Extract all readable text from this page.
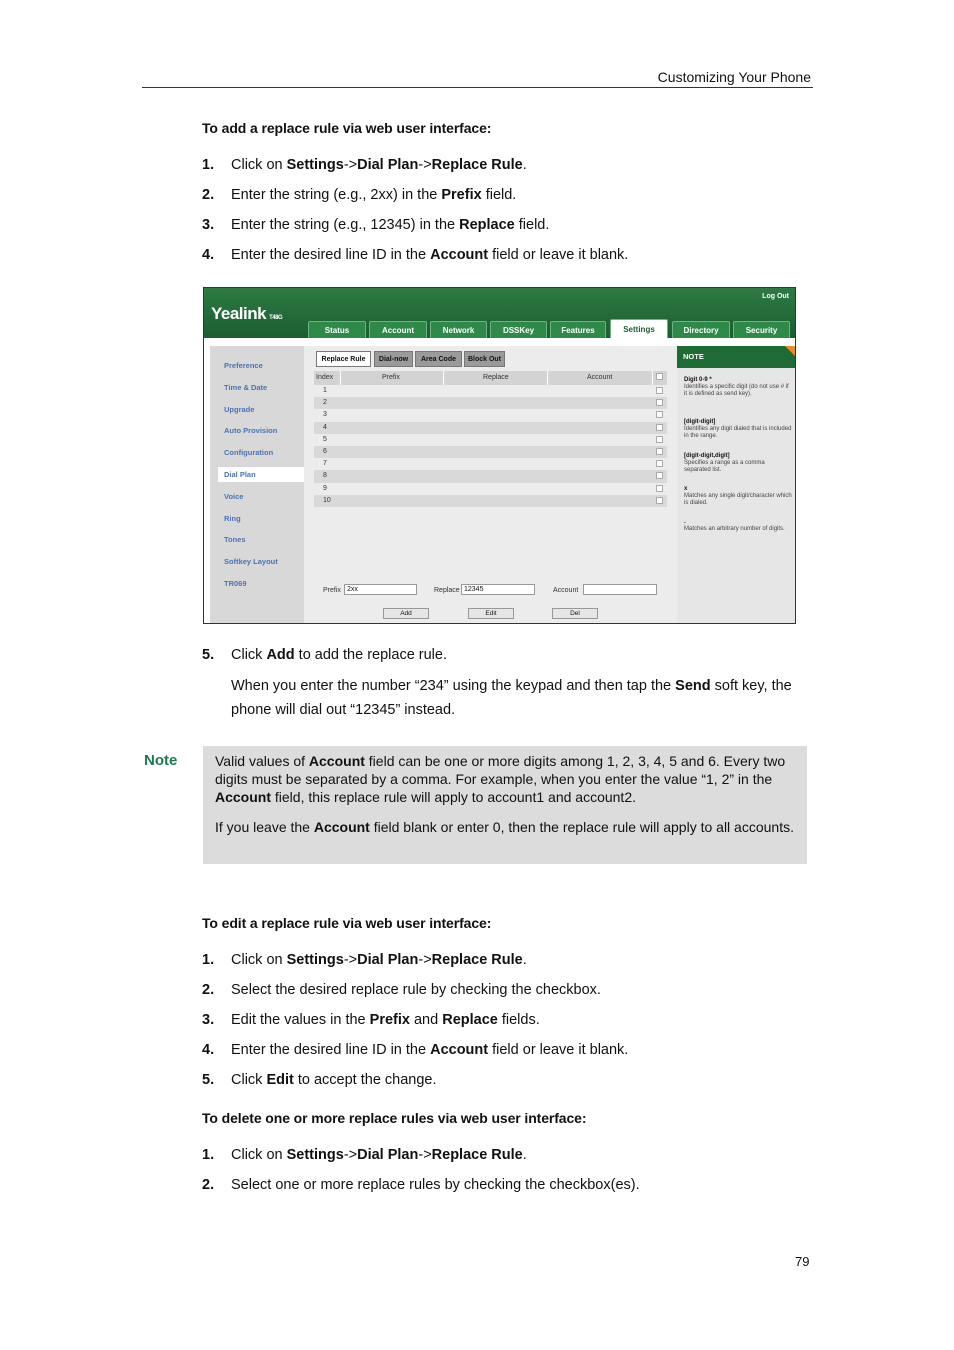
Customizing Your Phone
To add a replace rule via web user interface:
1. Click on Settings->Dial Plan->Replace Rule.
2. Enter the string (e.g., 2xx) in the Prefix field.
3. Enter the string (e.g., 12345) in the Replace field.
4. Enter the desired line ID in the Account field or leave it blank.
Yealink T48G
Log Out
Status	Account	Network	DSSKey	Features	Settings	Directory	Security
Preference
Time & Date
Upgrade
Auto Provision
Configuration
Dial Plan
Voice
Ring
Tones
Softkey Layout
TR069
Replace Rule	Dial-now	Area Code	Block Out
Index	Prefix	Replace	Account
1
2
3
4
5
6
7
8
9
10
Prefix 2xx	Replace 12345	Account
Add	Edit	Del
NOTE
Digit 0-9 *
Identifies a specific digit (do not use # if it is defined as send key).
[digit-digit]
Identifies any digit dialed that is included in the range.
[digit-digit,digit]
Specifies a range as a comma separated list.
x
Matches any single digit/character which is dialed.
.
Matches an arbitrary number of digits.
5. Click Add to add the replace rule.
When you enter the number “234” using the keypad and then tap the Send soft key, the phone will dial out “12345” instead.
Note	Valid values of Account field can be one or more digits among 1, 2, 3, 4, 5 and 6. Every two digits must be separated by a comma. For example, when you enter the value “1, 2” in the Account field, this replace rule will apply to account1 and account2.

If you leave the Account field blank or enter 0, then the replace rule will apply to all accounts.

To edit a replace rule via web user interface:
1. Click on Settings->Dial Plan->Replace Rule.
2. Select the desired replace rule by checking the checkbox.
3. Edit the values in the Prefix and Replace fields.
4. Enter the desired line ID in the Account field or leave it blank.
5. Click Edit to accept the change.
To delete one or more replace rules via web user interface:
1. Click on Settings->Dial Plan->Replace Rule.
2. Select one or more replace rules by checking the checkbox(es).
79
